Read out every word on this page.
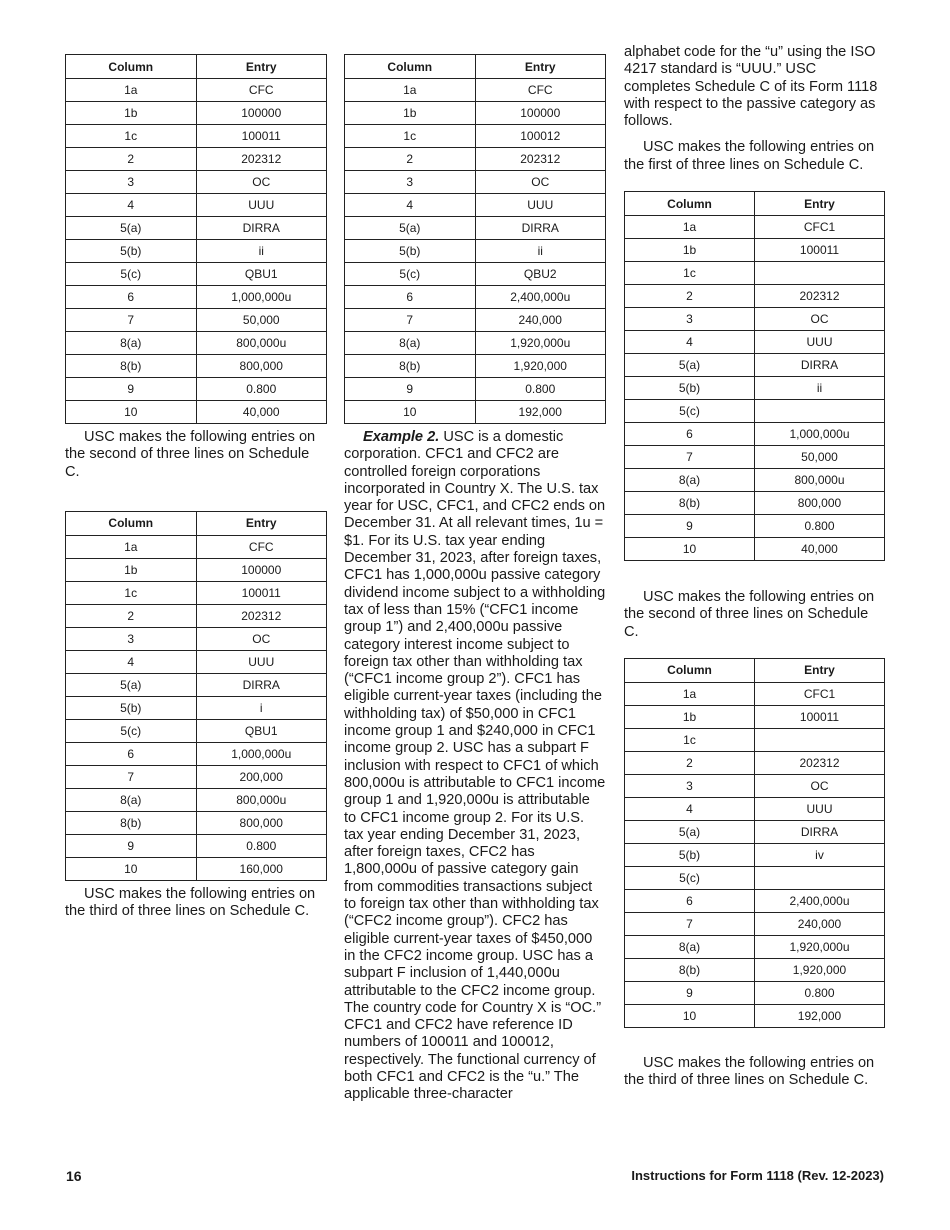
Column	Entry
1a	CFC
1b	100000
1c	100011
2	202312
3	OC
4	UUU
5(a)	DIRRA
5(b)	ii
5(c)	QBU1
6	1,000,000u
7	50,000
8(a)	800,000u
8(b)	800,000
9	0.800
10	40,000

USC makes the following entries on the second of three lines on Schedule C.

Column	Entry
1a	CFC
1b	100000
1c	100011
2	202312
3	OC
4	UUU
5(a)	DIRRA
5(b)	i
5(c)	QBU1
6	1,000,000u
7	200,000
8(a)	800,000u
8(b)	800,000
9	0.800
10	160,000

USC makes the following entries on the third of three lines on Schedule C.

Column	Entry
1a	CFC
1b	100000
1c	100012
2	202312
3	OC
4	UUU
5(a)	DIRRA
5(b)	ii
5(c)	QBU2
6	2,400,000u
7	240,000
8(a)	1,920,000u
8(b)	1,920,000
9	0.800
10	192,000

Example 2. USC is a domestic corporation. CFC1 and CFC2 are controlled foreign corporations incorporated in Country X. The U.S. tax year for USC, CFC1, and CFC2 ends on December 31. At all relevant times, 1u = $1. For its U.S. tax year ending December 31, 2023, after foreign taxes, CFC1 has 1,000,000u passive category dividend income subject to a withholding tax of less than 15% (“CFC1 income group 1”) and 2,400,000u passive category interest income subject to foreign tax other than withholding tax (“CFC1 income group 2”). CFC1 has eligible current-year taxes (including the withholding tax) of $50,000 in CFC1 income group 1 and $240,000 in CFC1 income group 2. USC has a subpart F inclusion with respect to CFC1 of which 800,000u is attributable to CFC1 income group 1 and 1,920,000u is attributable to CFC1 income group 2. For its U.S. tax year ending December 31, 2023, after foreign taxes, CFC2 has 1,800,000u of passive category gain from commodities transactions subject to foreign tax other than withholding tax (“CFC2 income group”). CFC2 has eligible current-year taxes of $450,000 in the CFC2 income group. USC has a subpart F inclusion of 1,440,000u attributable to the CFC2 income group. The country code for Country X is “OC.” CFC1 and CFC2 have reference ID numbers of 100011 and 100012, respectively. The functional currency of both CFC1 and CFC2 is the “u.” The applicable three-character

alphabet code for the “u” using the ISO 4217 standard is “UUU.” USC completes Schedule C of its Form 1118 with respect to the passive category as follows.

USC makes the following entries on the first of three lines on Schedule C.

Column	Entry
1a	CFC1
1b	100011
1c	
2	202312
3	OC
4	UUU
5(a)	DIRRA
5(b)	ii
5(c)	
6	1,000,000u
7	50,000
8(a)	800,000u
8(b)	800,000
9	0.800
10	40,000

USC makes the following entries on the second of three lines on Schedule C.

Column	Entry
1a	CFC1
1b	100011
1c	
2	202312
3	OC
4	UUU
5(a)	DIRRA
5(b)	iv
5(c)	
6	2,400,000u
7	240,000
8(a)	1,920,000u
8(b)	1,920,000
9	0.800
10	192,000

USC makes the following entries on the third of three lines on Schedule C.

16	Instructions for Form 1118 (Rev. 12-2023)
